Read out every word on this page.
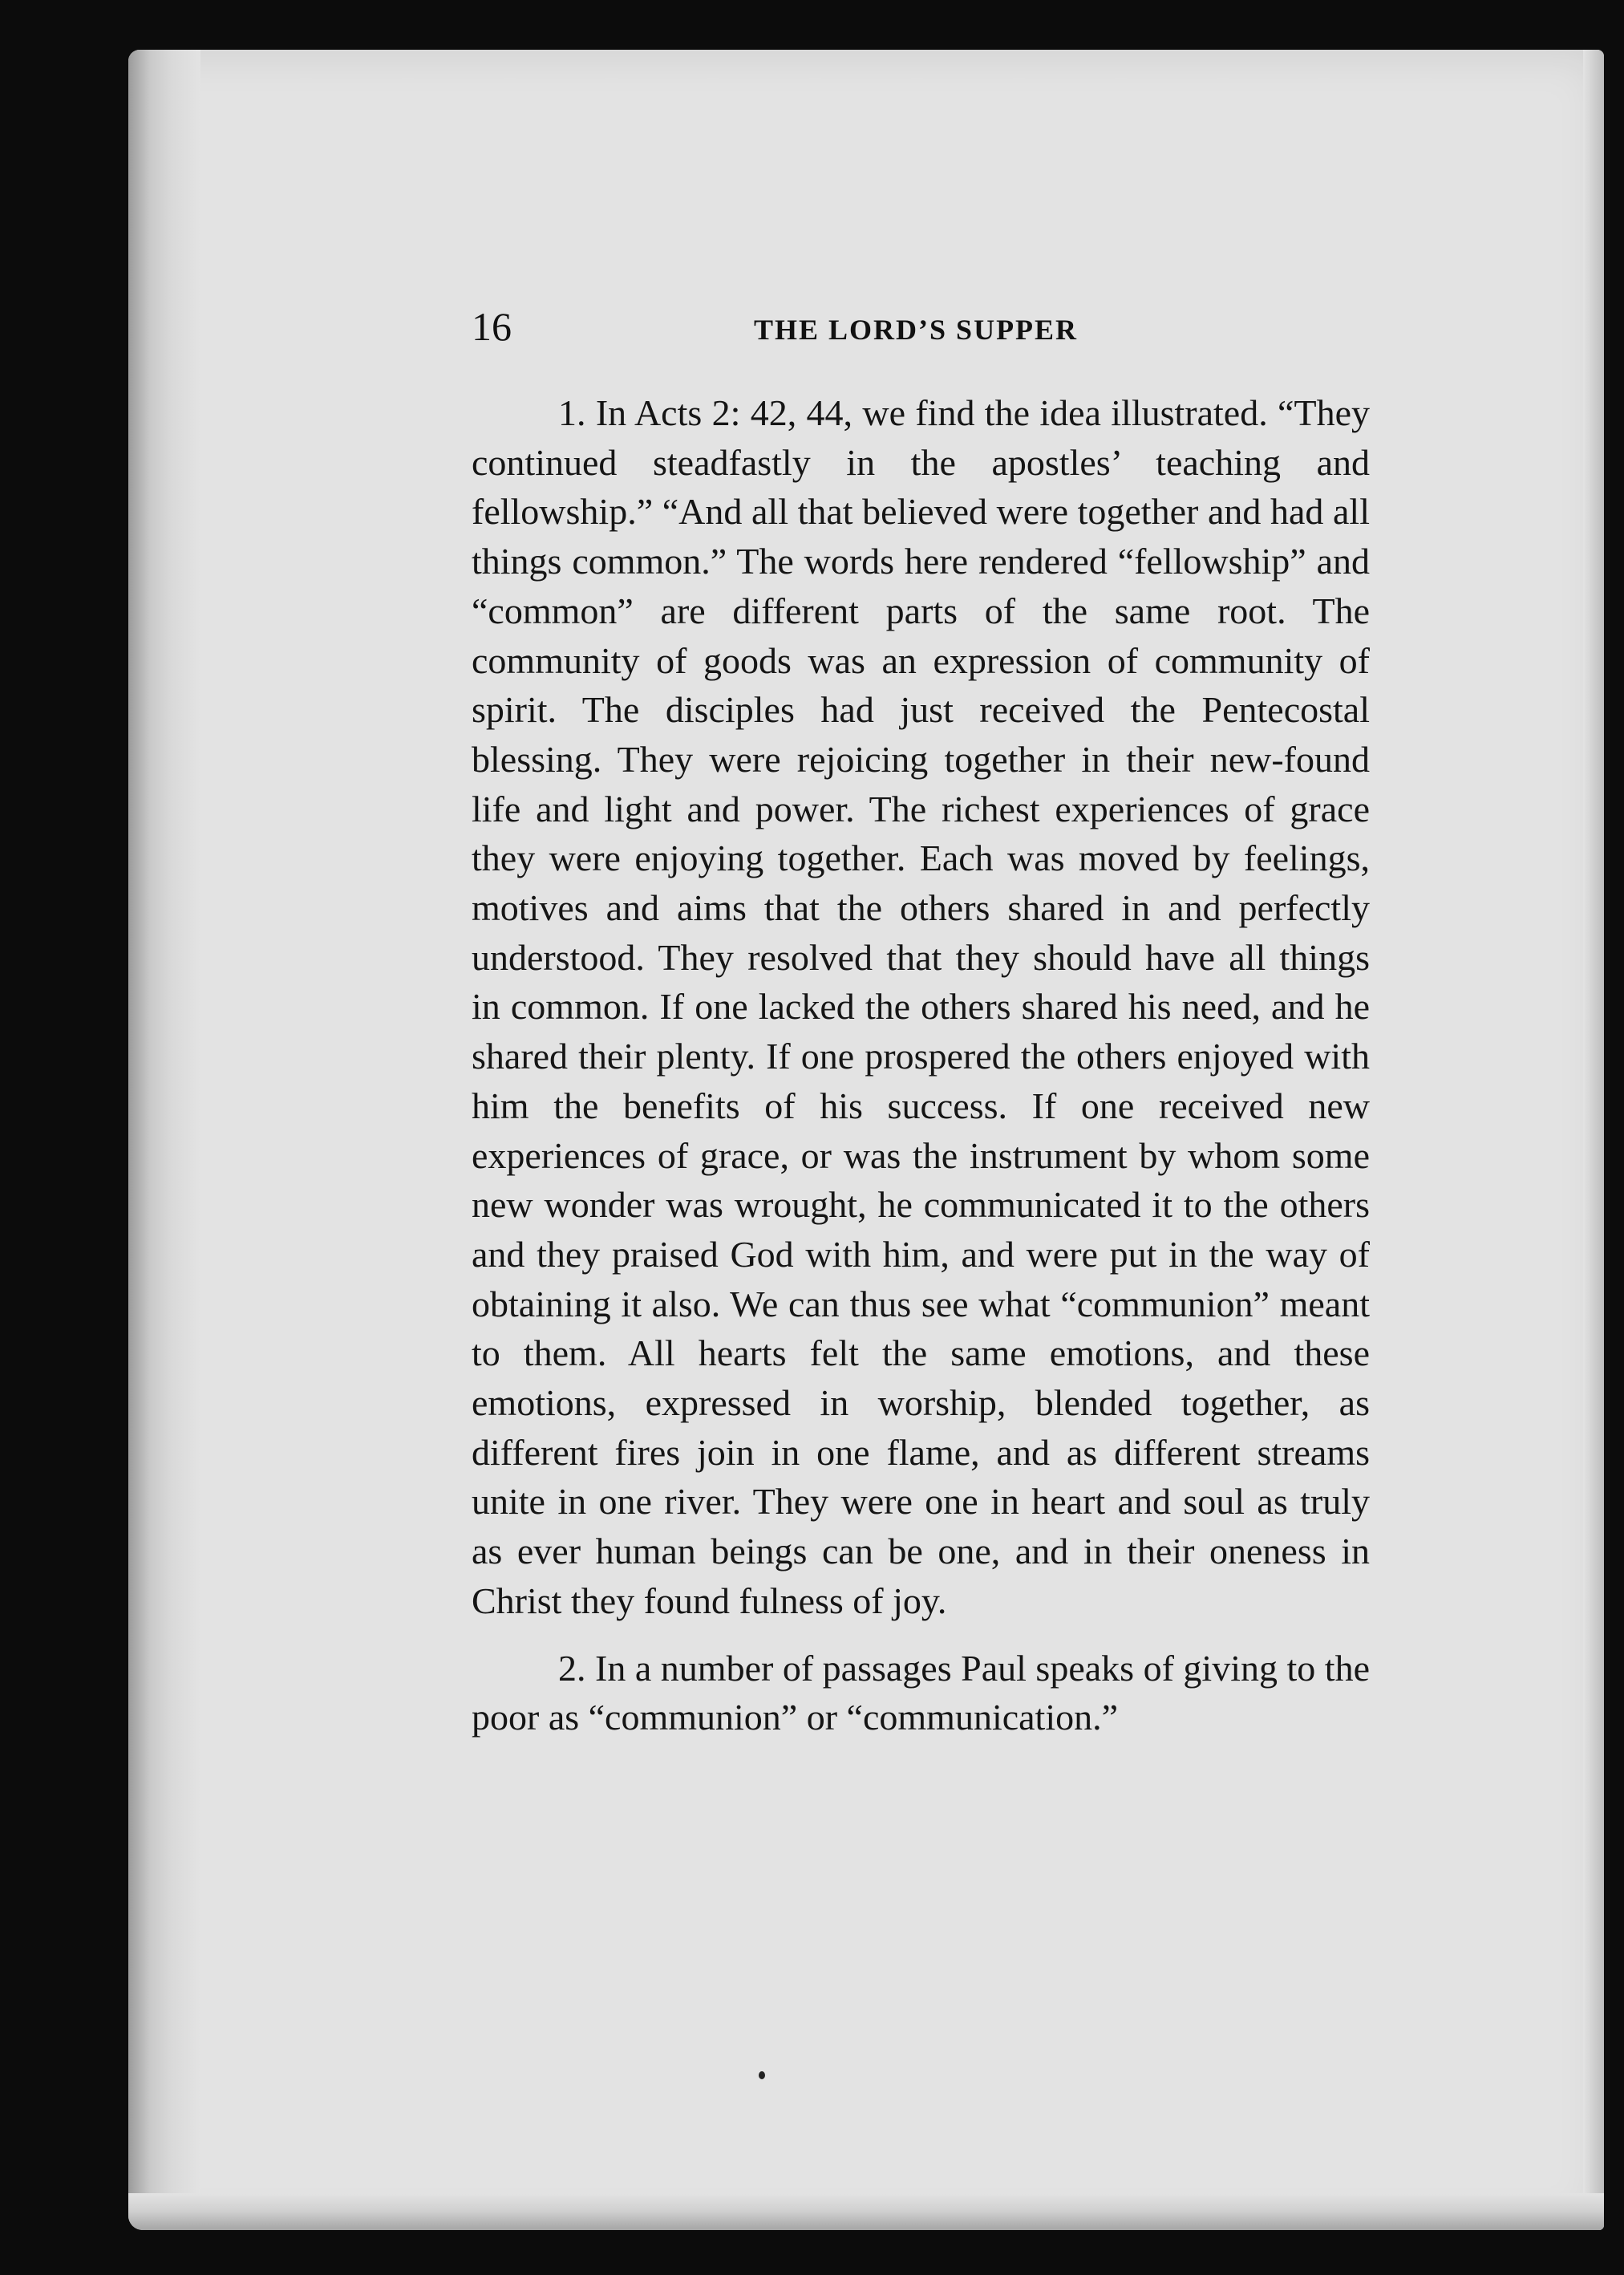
16	THE LORD’S SUPPER

1. In Acts 2: 42, 44, we find the idea illustrated. “They continued steadfastly in the apostles’ teaching and fellowship.” “And all that believed were together and had all things common.” The words here rendered “fellowship” and “common” are different parts of the same root. The community of goods was an expression of community of spirit. The disciples had just received the Pentecostal blessing. They were rejoicing together in their new-found life and light and power. The richest experiences of grace they were enjoying together. Each was moved by feelings, motives and aims that the others shared in and perfectly understood. They resolved that they should have all things in common. If one lacked the others shared his need, and he shared their plenty. If one prospered the others enjoyed with him the benefits of his success. If one received new experiences of grace, or was the instrument by whom some new wonder was wrought, he communicated it to the others and they praised God with him, and were put in the way of obtaining it also. We can thus see what “communion” meant to them. All hearts felt the same emotions, and these emotions, expressed in worship, blended together, as different fires join in one flame, and as different streams unite in one river. They were one in heart and soul as truly as ever human beings can be one, and in their oneness in Christ they found fulness of joy.

2. In a number of passages Paul speaks of giving to the poor as “communion” or “communication.”
